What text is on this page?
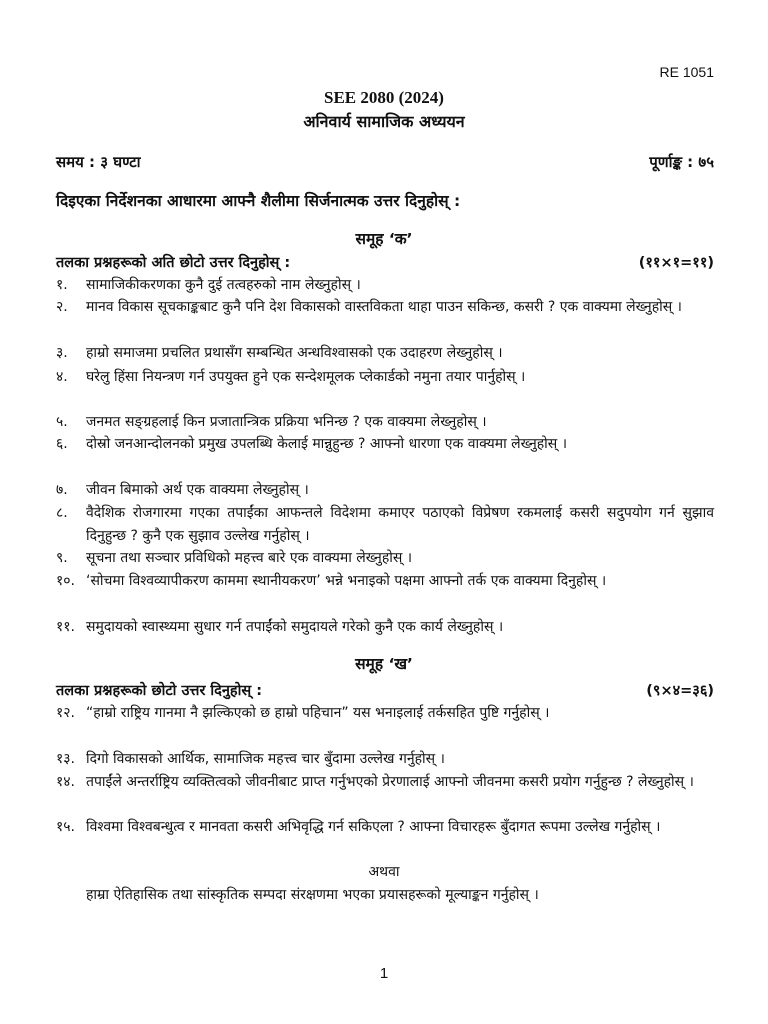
RE 1051
SEE 2080 (2024)
अनिवार्य सामाजिक अध्ययन
समय : ३ घण्टा	पूर्णाङ्क : ७५
दिइएका निर्देशनका आधारमा आफ्नै शैलीमा सिर्जनात्मक उत्तर दिनुहोस् :
समूह ‘क’
तलका प्रश्नहरूको अति छोटो उत्तर दिनुहोस् :	(११×१=११)
१.	सामाजिकीकरणका कुनै दुई तत्वहरुको नाम लेख्नुहोस् ।
२.	मानव विकास सूचकाङ्कबाट कुनै पनि देश विकासको वास्तविकता थाहा पाउन सकिन्छ, कसरी ? एक वाक्यमा लेख्नुहोस् ।
३.	हाम्रो समाजमा प्रचलित प्रथासँग सम्बन्धित अन्धविश्वासको एक उदाहरण लेख्नुहोस् ।
४.	घरेलु हिंसा नियन्त्रण गर्न उपयुक्त हुने एक सन्देशमूलक प्लेकार्डको नमुना तयार पार्नुहोस् ।
५.	जनमत सङ्ग्रहलाई किन प्रजातान्त्रिक प्रक्रिया भनिन्छ ? एक वाक्यमा लेख्नुहोस् ।
६.	दोस्रो जनआन्दोलनको प्रमुख उपलब्धि केलाई मान्नुहुन्छ ? आफ्नो धारणा एक वाक्यमा लेख्नुहोस् ।
७.	जीवन बिमाको अर्थ एक वाक्यमा लेख्नुहोस् ।
८.	वैदेशिक रोजगारमा गएका तपाईंका आफन्तले विदेशमा कमाएर पठाएको विप्रेषण रकमलाई कसरी सदुपयोग गर्न सुझाव दिनुहुन्छ ? कुनै एक सुझाव उल्लेख गर्नुहोस् ।
९.	सूचना तथा सञ्चार प्रविधिको महत्त्व बारे एक वाक्यमा लेख्नुहोस् ।
१०. ‘सोचमा विश्वव्यापीकरण काममा स्थानीयकरण’ भन्ने भनाइको पक्षमा आफ्नो तर्क एक वाक्यमा दिनुहोस् ।
११. समुदायको स्वास्थ्यमा सुधार गर्न तपाईंको समुदायले गरेको कुनै एक कार्य लेख्नुहोस् ।
समूह ‘ख’
तलका प्रश्नहरूको छोटो उत्तर दिनुहोस् :	(९×४=३६)
१२. “हाम्रो राष्ट्रिय गानमा नै झल्किएको छ हाम्रो पहिचान” यस भनाइलाई तर्कसहित पुष्टि गर्नुहोस् ।
१३. दिगो विकासको आर्थिक, सामाजिक महत्त्व चार बुँदामा उल्लेख गर्नुहोस् ।
१४. तपाईंले अन्तर्राष्ट्रिय व्यक्तित्वको जीवनीबाट प्राप्त गर्नुभएको प्रेरणालाई आफ्नो जीवनमा कसरी प्रयोग गर्नुहुन्छ ? लेख्नुहोस् ।
१५. विश्वमा विश्वबन्धुत्व र मानवता कसरी अभिवृद्धि गर्न सकिएला ? आफ्ना विचारहरू बुँदागत रूपमा उल्लेख गर्नुहोस् ।
अथवा
हाम्रा ऐतिहासिक तथा सांस्कृतिक सम्पदा संरक्षणमा भएका प्रयासहरूको मूल्याङ्कन गर्नुहोस् ।
1
